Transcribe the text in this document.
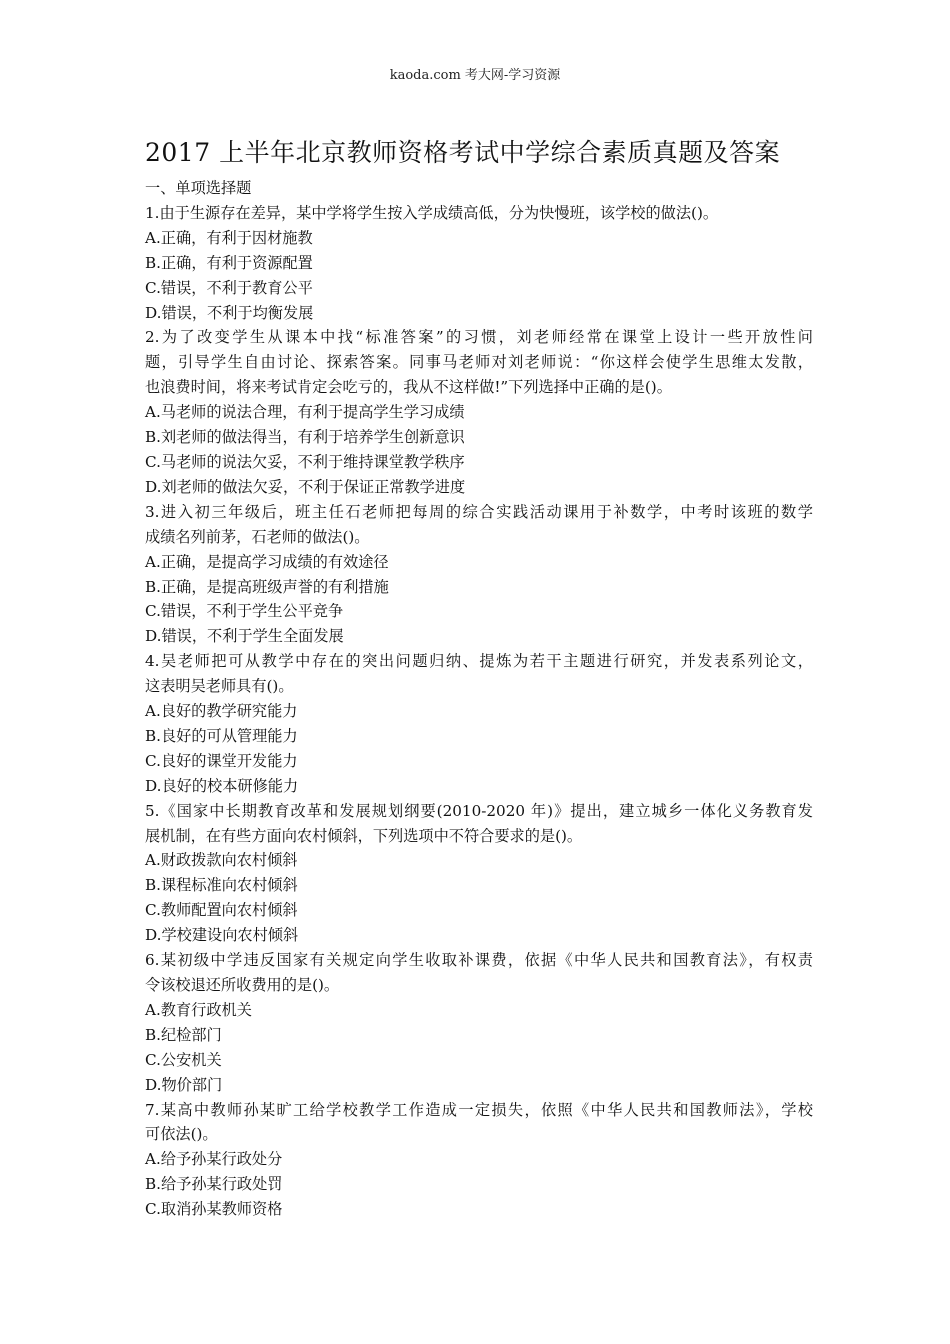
kaoda.com 考大网-学习资源
2017 上半年北京教师资格考试中学综合素质真题及答案
一、单项选择题
1.由于生源存在差异，某中学将学生按入学成绩高低，分为快慢班，该学校的做法()。
A.正确，有利于因材施教
B.正确，有利于资源配置
C.错误，不利于教育公平
D.错误，不利于均衡发展
2.为了改变学生从课本中找“标准答案”的习惯，刘老师经常在课堂上设计一些开放性问
题，引导学生自由讨论、探索答案。同事马老师对刘老师说：“你这样会使学生思维太发散，
也浪费时间，将来考试肯定会吃亏的，我从不这样做!”下列选择中正确的是()。
A.马老师的说法合理，有利于提高学生学习成绩
B.刘老师的做法得当，有利于培养学生创新意识
C.马老师的说法欠妥，不利于维持课堂教学秩序
D.刘老师的做法欠妥，不利于保证正常教学进度
3.进入初三年级后，班主任石老师把每周的综合实践活动课用于补数学，中考时该班的数学
成绩名列前茅，石老师的做法()。
A.正确，是提高学习成绩的有效途径
B.正确，是提高班级声誉的有利措施
C.错误，不利于学生公平竞争
D.错误，不利于学生全面发展
4.吴老师把可从教学中存在的突出问题归纳、提炼为若干主题进行研究，并发表系列论文，
这表明吴老师具有()。
A.良好的教学研究能力
B.良好的可从管理能力
C.良好的课堂开发能力
D.良好的校本研修能力
5.《国家中长期教育改革和发展规划纲要(2010-2020 年)》提出，建立城乡一体化义务教育发
展机制，在有些方面向农村倾斜，下列选项中不符合要求的是()。
A.财政拨款向农村倾斜
B.课程标准向农村倾斜
C.教师配置向农村倾斜
D.学校建设向农村倾斜
6.某初级中学违反国家有关规定向学生收取补课费，依据《中华人民共和国教育法》，有权责
令该校退还所收费用的是()。
A.教育行政机关
B.纪检部门
C.公安机关
D.物价部门
7.某高中教师孙某旷工给学校教学工作造成一定损失，依照《中华人民共和国教师法》，学校
可依法()。
A.给予孙某行政处分
B.给予孙某行政处罚
C.取消孙某教师资格
